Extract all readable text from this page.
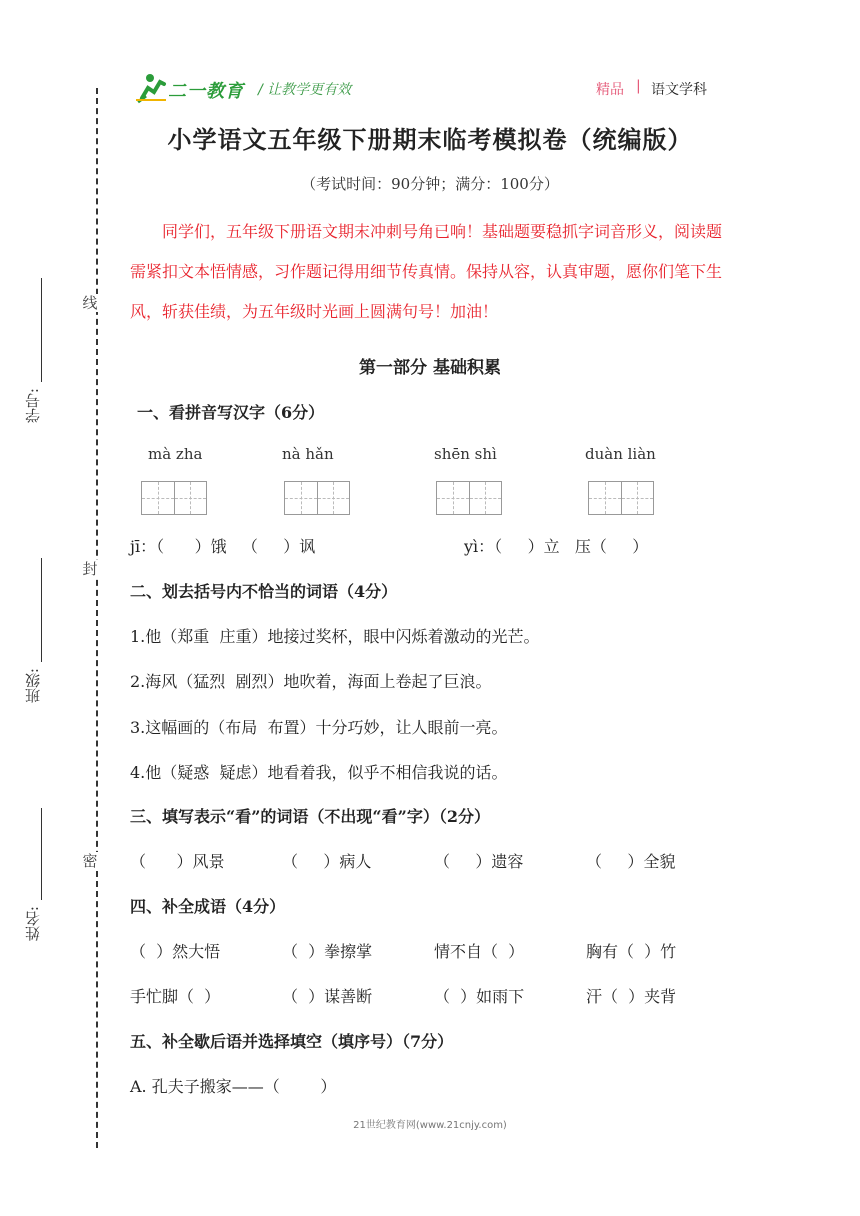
线
封
密
学号:
班级:
姓名:
二一教育 / 让教学更有效	精品 | 语文学科
小学语文五年级下册期末临考模拟卷（统编版）
（考试时间：90分钟；满分：100分）
同学们，五年级下册语文期末冲刺号角已响！基础题要稳抓字词音形义，阅读题需紧扣文本悟情感，习作题记得用细节传真情。保持从容，认真审题，愿你们笔下生风，斩获佳绩，为五年级时光画上圆满句号！加油！
第一部分 基础积累
一、看拼音写汉字（6分）
mà zha	nà hǎn	shēn shì	duàn liàn
jī：（      ）饿   （     ）讽	yì：（     ）立   压（     ）
二、划去括号内不恰当的词语（4分）
1.他（郑重  庄重）地接过奖杯，眼中闪烁着激动的光芒。
2.海风（猛烈  剧烈）地吹着，海面上卷起了巨浪。
3.这幅画的（布局  布置）十分巧妙，让人眼前一亮。
4.他（疑惑  疑虑）地看着我，似乎不相信我说的话。
三、填写表示“看”的词语（不出现“看”字）（2分）
（      ）风景	（     ）病人	（     ）遗容	（     ）全貌
四、补全成语（4分）
（  ）然大悟	（  ）拳擦掌	情不自（  ）	胸有（  ）竹
手忙脚（  ）	（  ）谋善断	（  ）如雨下	汗（  ）夹背
五、补全歇后语并选择填空（填序号）（7分）
A. 孔夫子搬家——（        ）
21世纪教育网(www.21cnjy.com)
